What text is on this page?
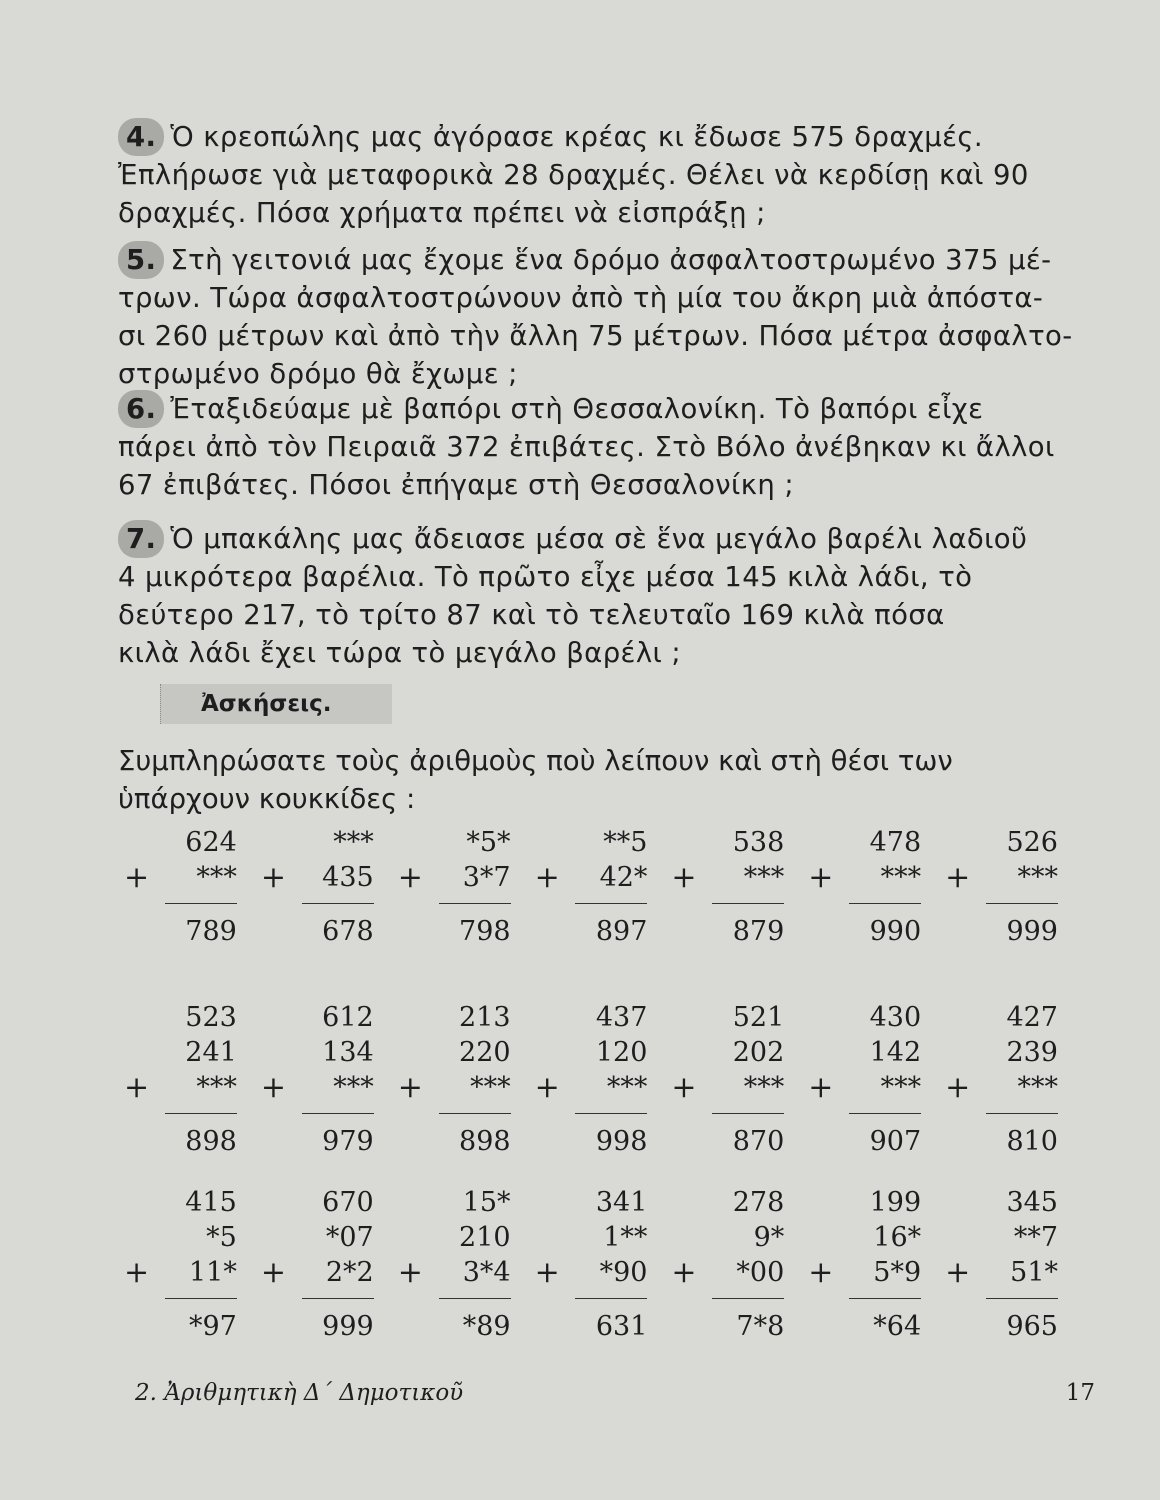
4. Ὁ κρεοπώλης μας ἀγόρασε κρέας κι ἔδωσε 575 δραχμές.
Ἐπλήρωσε γιὰ μεταφορικὰ 28 δραχμές. Θέλει νὰ κερδίσῃ καὶ 90
δραχμές. Πόσα χρήματα πρέπει νὰ εἰσπράξῃ ;
5. Στὴ γειτονιά μας ἔχομε ἕνα δρόμο ἀσφαλτοστρωμένο 375 μέ-
τρων. Τώρα ἀσφαλτοστρώνουν ἀπὸ τὴ μία του ἄκρη μιὰ ἀπόστα-
σι 260 μέτρων καὶ ἀπὸ τὴν ἄλλη 75 μέτρων. Πόσα μέτρα ἀσφαλτο-
στρωμένο δρόμο θὰ ἔχωμε ;
6. Ἐταξιδεύαμε μὲ βαπόρι στὴ Θεσσαλονίκη. Τὸ βαπόρι εἶχε
πάρει ἀπὸ τὸν Πειραιᾶ 372 ἐπιβάτες. Στὸ Βόλο ἀνέβηκαν κι ἄλλοι
67 ἐπιβάτες. Πόσοι ἐπήγαμε στὴ Θεσσαλονίκη ;
7. Ὁ μπακάλης μας ἄδειασε μέσα σὲ ἕνα μεγάλο βαρέλι λαδιοῦ
4 μικρότερα βαρέλια. Τὸ πρῶτο εἶχε μέσα 145 κιλὰ λάδι, τὸ
δεύτερο 217, τὸ τρίτο 87 καὶ τὸ τελευταῖο 169 κιλὰ πόσα
κιλὰ λάδι ἔχει τώρα τὸ μεγάλο βαρέλι ;
Ἀσκήσεις.
Συμπληρώσατε τοὺς ἀριθμοὺς ποὺ λείπουν καὶ στὴ θέσι των
ὑπάρχουν κουκκίδες :
624
+	***
789
***
+	435
678
*5*
+	3*7
798
**5
+	42*
897
538
+	***
879
478
+	***
990
526
+	***
999
523
241
+	***
898
612
134
+	***
979
213
220
+	***
898
437
120
+	***
998
521
202
+	***
870
430
142
+	***
907
427
239
+	***
810
415
*5
+	11*
*97
670
*07
+	2*2
999
15*
210
+	3*4
*89
341
1**
+	*90
631
278
9*
+	*00
7*8
199
16*
+	5*9
*64
345
**7
+	51*
965
2. Ἀριθμητικὴ Δ΄ Δημοτικοῦ	17
